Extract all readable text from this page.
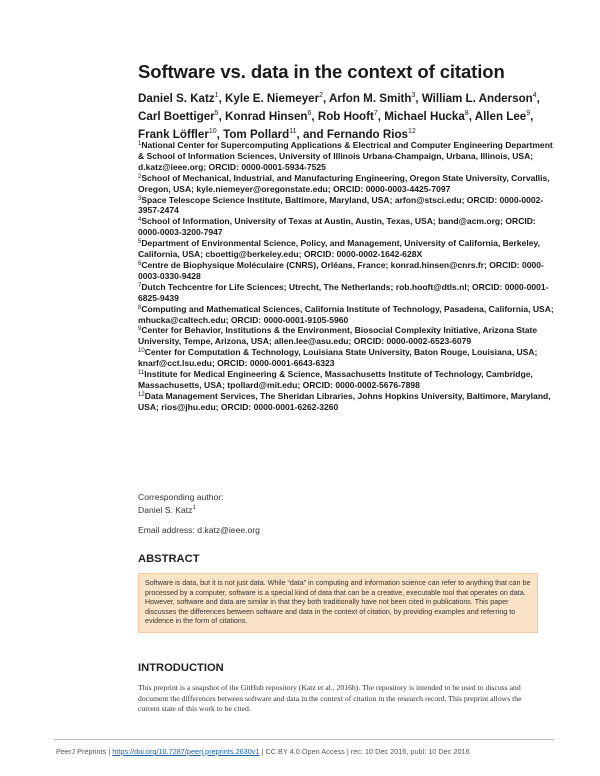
Software vs. data in the context of citation
Daniel S. Katz$^1$, Kyle E. Niemeyer$^2$, Arfon M. Smith$^3$, William L. Anderson$^4$, Carl Boettiger$^5$, Konrad Hinsen$^6$, Rob Hooft$^7$, Michael Hucka$^8$, Allen Lee$^9$, Frank Löffler$^{10}$, Tom Pollard$^{11}$, and Fernando Rios$^{12}$
$^1$National Center for Supercomputing Applications & Electrical and Computer Engineering Department & School of Information Sciences, University of Illinois Urbana-Champaign, Urbana, Illinois, USA; d.katz@ieee.org; ORCID: 0000-0001-5934-7525
$^2$School of Mechanical, Industrial, and Manufacturing Engineering, Oregon State University, Corvallis, Oregon, USA; kyle.niemeyer@oregonstate.edu; ORCID: 0000-0003-4425-7097
$^3$Space Telescope Science Institute, Baltimore, Maryland, USA; arfon@stsci.edu; ORCID: 0000-0002-3957-2474
$^4$School of Information, University of Texas at Austin, Austin, Texas, USA; band@acm.org; ORCID: 0000-0003-3200-7947
$^5$Department of Environmental Science, Policy, and Management, University of California, Berkeley, California, USA; cboettig@berkeley.edu; ORCID: 0000-0002-1642-628X
$^6$Centre de Biophysique Moléculaire (CNRS), Orléans, France; konrad.hinsen@cnrs.fr; ORCID: 0000-0003-0330-9428
$^7$Dutch Techcentre for Life Sciences; Utrecht, The Netherlands; rob.hooft@dtls.nl; ORCID: 0000-0001-6825-9439
$^8$Computing and Mathematical Sciences, California Institute of Technology, Pasadena, California, USA; mhucka@caltech.edu; ORCID: 0000-0001-9105-5960
$^9$Center for Behavior, Institutions & the Environment, Biosocial Complexity Initiative, Arizona State University, Tempe, Arizona, USA; allen.lee@asu.edu; ORCID: 0000-0002-6523-6079
$^{10}$Center for Computation & Technology, Louisiana State University, Baton Rouge, Louisiana, USA; knarf@cct.lsu.edu; ORCID: 0000-0001-6643-6323
$^{11}$Institute for Medical Engineering & Science, Massachusetts Institute of Technology, Cambridge, Massachusetts, USA; tpollard@mit.edu; ORCID: 0000-0002-5676-7898
$^{12}$Data Management Services, The Sheridan Libraries, Johns Hopkins University, Baltimore, Maryland, USA; rios@jhu.edu; ORCID: 0000-0001-6262-3260
Corresponding author:
Daniel S. Katz$^1$
Email address: d.katz@ieee.org
ABSTRACT
Software is data, but it is not just data. While “data” in computing and information science can refer to anything that can be processed by a computer, software is a special kind of data that can be a creative, executable tool that operates on data. However, software and data are similar in that they both traditionally have not been cited in publications. This paper discusses the differences between software and data in the context of citation, by providing examples and referring to evidence in the form of citations.
INTRODUCTION
This preprint is a snapshot of the GitHub repository (Katz et al., 2016b). The repository is intended to be used to discuss and document the differences between software and data in the context of citation in the research record. This preprint allows the current state of this work to be cited.
PeerJ Preprints | https://doi.org/10.7287/peerj.preprints.2630v1 | CC BY 4.0 Open Access | rec: 10 Dec 2016, publ: 10 Dec 2016
